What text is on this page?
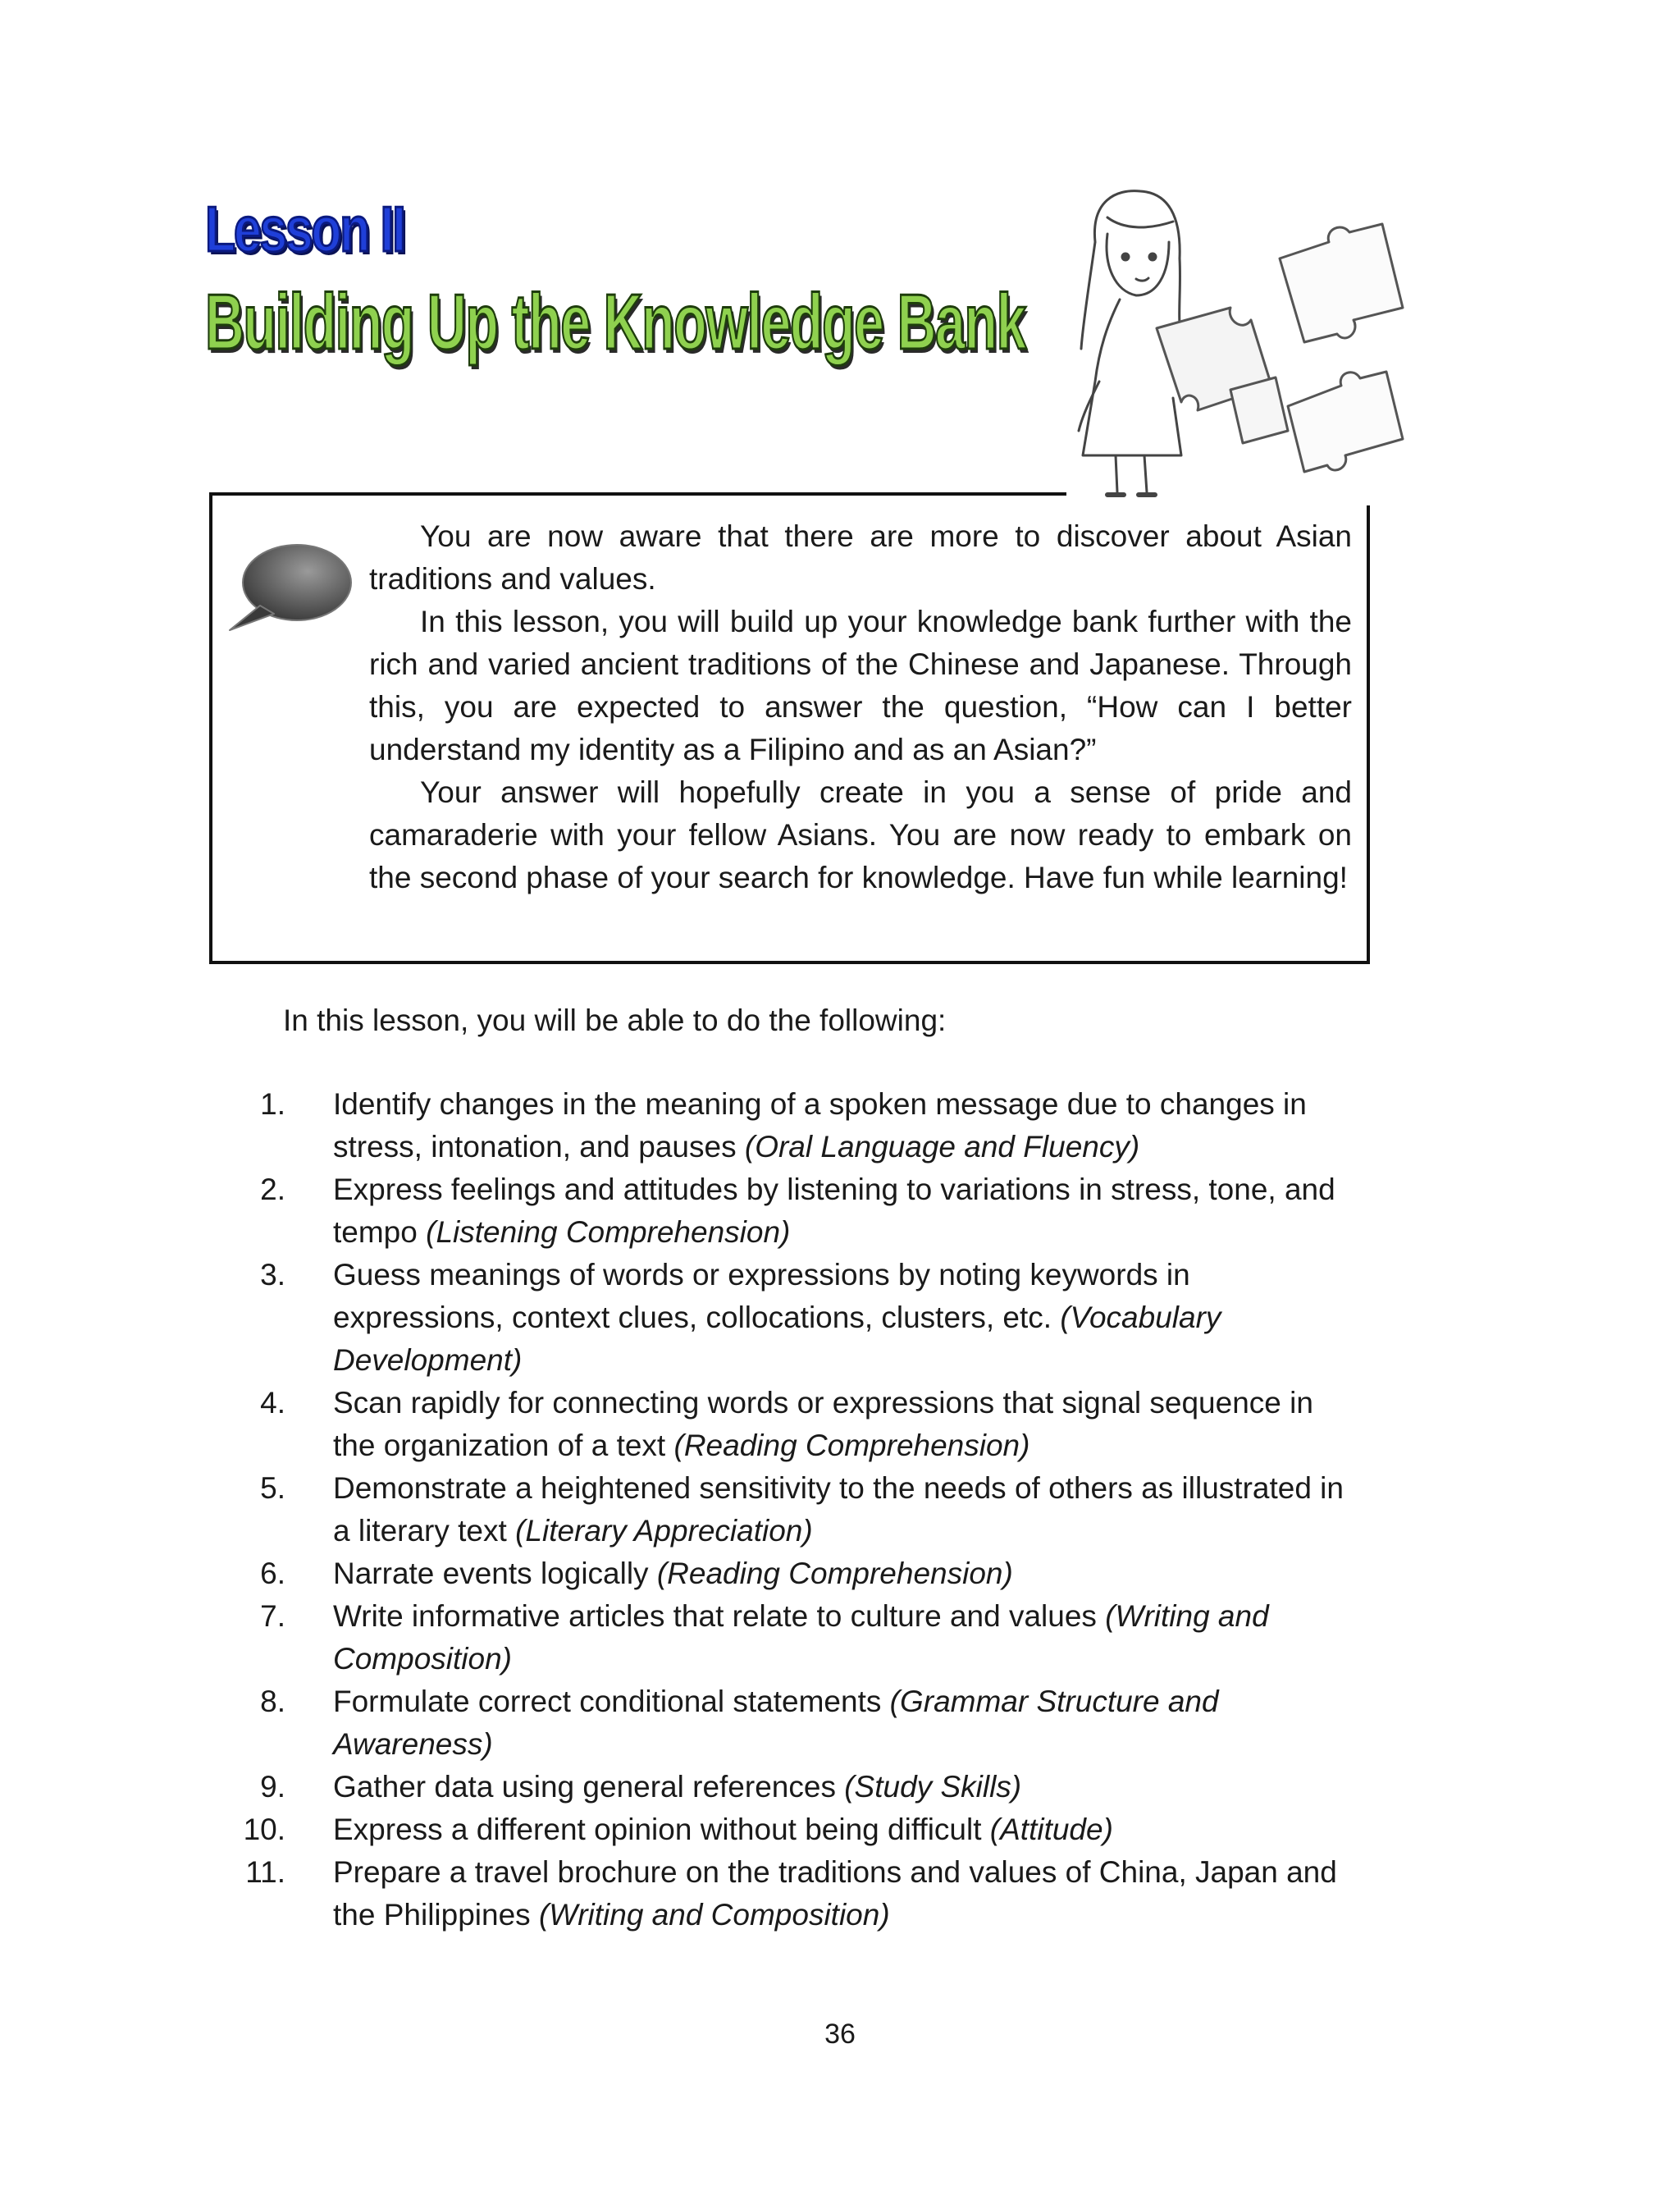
Lesson II
Building Up the Knowledge Bank

You are now aware that there are more to discover about Asian traditions and values.

In this lesson, you will build up your knowledge bank further with the rich and varied ancient traditions of the Chinese and Japanese. Through this, you are expected to answer the question, “How can I better understand my identity as a Filipino and as an Asian?”

Your answer will hopefully create in you a sense of pride and camaraderie with your fellow Asians. You are now ready to embark on the second phase of your search for knowledge. Have fun while learning!

In this lesson, you will be able to do the following:

1. Identify changes in the meaning of a spoken message due to changes in stress, intonation, and pauses (Oral Language and Fluency)
2. Express feelings and attitudes by listening to variations in stress, tone, and tempo (Listening Comprehension)
3. Guess meanings of words or expressions by noting keywords in expressions, context clues, collocations, clusters, etc. (Vocabulary Development)
4. Scan rapidly for connecting words or expressions that signal sequence in the organization of a text (Reading Comprehension)
5. Demonstrate a heightened sensitivity to the needs of others as illustrated in a literary text (Literary Appreciation)
6. Narrate events logically (Reading Comprehension)
7. Write informative articles that relate to culture and values (Writing and Composition)
8. Formulate correct conditional statements (Grammar Structure and Awareness)
9. Gather data using general references (Study Skills)
10. Express a different opinion without being difficult (Attitude)
11. Prepare a travel brochure on the traditions and values of China, Japan and the Philippines (Writing and Composition)
36
